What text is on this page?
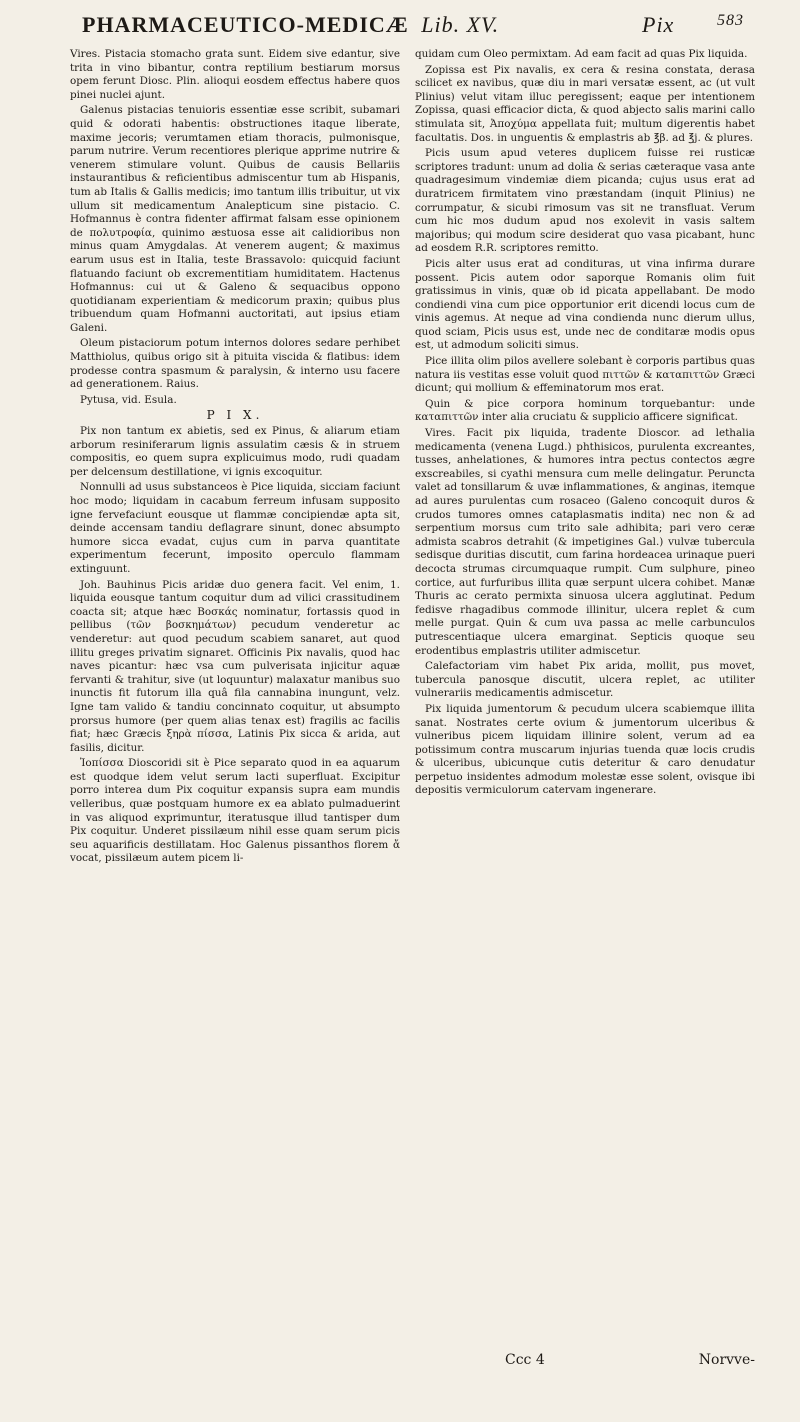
PHARMACEUTICO-MEDICÆ Lib. XV.	Pix	583

Vires. Pistacia stomacho grata sunt. Eidem sive edantur, sive trita in vino bibantur, contra reptilium bestiarum morsus opem ferunt Diosc. Plin. alioqui eosdem effectus habere quos pinei nuclei ajunt.

Galenus pistacias tenuioris essentiæ esse scribit, subamari quid & odorati habentis: obstructiones itaque liberate, maxime jecoris; verumtamen etiam thoracis, pulmonisque, parum nutrire. Verum recentiores plerique apprime nutrire & venerem stimulare volunt. Quibus de causis Bellariis instaurantibus & reficientibus admiscentur tum ab Hispanis, tum ab Italis & Gallis medicis; imo tantum illis tribuitur, ut vix ullum sit medicamentum Analepticum sine pistacio. C. Hofmannus è contra fidenter affirmat falsam esse opinionem de πολυτροφία, quinimo æstuosa esse ait calidioribus non minus quam Amygdalas. At venerem augent; & maximus earum usus est in Italia, teste Brassavolo: quicquid faciunt flatuando faciunt ob excrementitiam humiditatem. Hactenus Hofmannus: cui ut & Galeno & sequacibus oppono quotidianam experientiam & medicorum praxin; quibus plus tribuendum quam Hofmanni auctoritati, aut ipsius etiam Galeni.

Oleum pistaciorum potum internos dolores sedare perhibet Matthiolus, quibus origo sit à pituita viscida & flatibus: idem prodesse contra spasmum & paralysin, & interno usu facere ad generationem. Raius.

Pytusa, vid. Esula.

P I X.

Pix non tantum ex abietis, sed ex Pinus, & aliarum etiam arborum resiniferarum lignis assulatim cæsis & in struem compositis, eo quem supra explicuimus modo, rudi quadam per delcensum destillatione, vi ignis excoquitur.

Nonnulli ad usus substanceos è Pice liquida, sicciam faciunt hoc modo; liquidam in cacabum ferreum infusam supposito igne fervefaciunt eousque ut flammæ concipiendæ apta sit, deinde accensam tandiu deflagrare sinunt, donec absumpto humore sicca evadat, cujus cum in parva quantitate experimentum fecerunt, imposito operculo flammam extinguunt.

Joh. Bauhinus Picis aridæ duo genera facit. Vel enim, 1. liquida eousque tantum coquitur dum ad vilici crassitudinem coacta sit; atque hæc Βοσκάς nominatur, fortassis quod in pellibus (τῶν βοσκημάτων) pecudum venderetur ac venderetur: aut quod pecudum scabiem sanaret, aut quod illitu greges privatim signaret. Officinis Pix navalis, quod hac naves picantur: hæc vsa cum pulverisata injicitur aquæ fervanti & trahitur, sive (ut loquuntur) malaxatur manibus suo inunctis fit futorum illa quâ fila cannabina inungunt, velz. Igne tam valido & tandiu concinnato coquitur, ut absumpto prorsus humore (per quem alias tenax est) fragilis ac facilis fiat; hæc Græcis ξηρὰ πίσσα, Latinis Pix sicca & arida, aut fasilis, dicitur.

Ἰοπίσσα Dioscoridi sit è Pice separato quod in ea aquarum est quodque idem velut serum lacti superfluat. Excipitur porro interea dum Pix coquitur expansis supra eam mundis velleribus, quæ postquam humore ex ea ablato pulmaduerint in vas aliquod exprimuntur, iteratusque illud tantisper dum Pix coquitur. Underet pissilæum nihil esse quam serum picis seu aquarificis destillatam. Hoc Galenus pissanthos florem ἄ vocat, pissilæum autem picem li-

quidam cum Oleo permixtam. Ad eam facit ad quas Pix liquida.

Zopissa est Pix navalis, ex cera & resina constata, derasa scilicet ex navibus, quæ diu in mari versatæ essent, ac (ut vult Plinius) velut vitam illuc peregissent; eaque per intentionem Zopissa, quasi efficacior dicta, & quod abjecto salis marini callo stimulata sit, Ἀποχύμα appellata fuit; multum digerentis habet facultatis. Dos. in unguentis & emplastris ab ℥β. ad ℥j. & plures.

Picis usum apud veteres duplicem fuisse rei rusticæ scriptores tradunt: unum ad dolia & serias cæteraque vasa ante quadragesimum vindemiæ diem picanda; cujus usus erat ad duratricem firmitatem vino præstandam (inquit Plinius) ne corrumpatur, & sicubi rimosum vas sit ne transfluat. Verum cum hic mos dudum apud nos exolevit in vasis saltem majoribus; qui modum scire desiderat quo vasa picabant, hunc ad eosdem R.R. scriptores remitto.

Picis alter usus erat ad condituras, ut vina infirma durare possent. Picis autem odor saporque Romanis olim fuit gratissimus in vinis, quæ ob id picata appellabant. De modo condiendi vina cum pice opportunior erit dicendi locus cum de vinis agemus. At neque ad vina condienda nunc dierum ullus, quod sciam, Picis usus est, unde nec de conditaræ modis opus est, ut admodum soliciti simus.

Pice illita olim pilos avellere solebant è corporis partibus quas natura iis vestitas esse voluit quod πιττῶν & καταπιττῶν Græci dicunt; qui mollium & effeminatorum mos erat.

Quin & pice corpora hominum torquebantur: unde καταπιττῶν inter alia cruciatu & supplicio afficere significat.

Vires. Facit pix liquida, tradente Dioscor. ad lethalia medicamenta (venena Lugd.) phthisicos, purulenta excreantes, tusses, anhelationes, & humores intra pectus contectos ægre exscreabiles, si cyathi mensura cum melle delingatur. Perunctа valet ad tonsillarum & uvæ inflammationes, & anginas, itemque ad aures purulentas cum rosaceo (Galeno concoquit duros & crudos tumores omnes cataplasmatis indita) nec non & ad serpentium morsus cum trito sale adhibita; pari vero ceræ admista scabros detrahit (& impetigines Gal.) vulvæ tubercula sedisque duritias discutit, cum farina hordeacea urinaque pueri decocta strumas circumquaque rumpit. Cum sulphure, pineo cortice, aut furfuribus illita quæ serpunt ulcera cohibet. Manæ Thuris ac cerato permixta sinuosa ulcera agglutinat. Pedum fedisve rhagadibus commode illinitur, ulcera replet & cum melle purgat. Quin & cum uva passa ac melle carbunculos putrescentiaque ulcera emarginat. Septicis quoque seu erodentibus emplastris utiliter admiscetur.

Calefactoriam vim habet Pix arida, mollit, pus movet, tubercula panosque discutit, ulcera replet, ac utiliter vulnerariis medicamentis admiscetur.

Pix liquida jumentorum & pecudum ulcera scabiemque illita sanat. Nostrates certe ovium & jumentorum ulceribus & vulneribus picem liquidam illinire solent, verum ad ea potissimum contra muscarum injurias tuenda quæ locis crudis & ulceribus, ubicunque cutis deteritur & caro denudatur perpetuo insidentes admodum molestæ esse solent, ovisque ibi depositis vermiculorum catervam ingenerare.

Ccc 4	Norvve-
